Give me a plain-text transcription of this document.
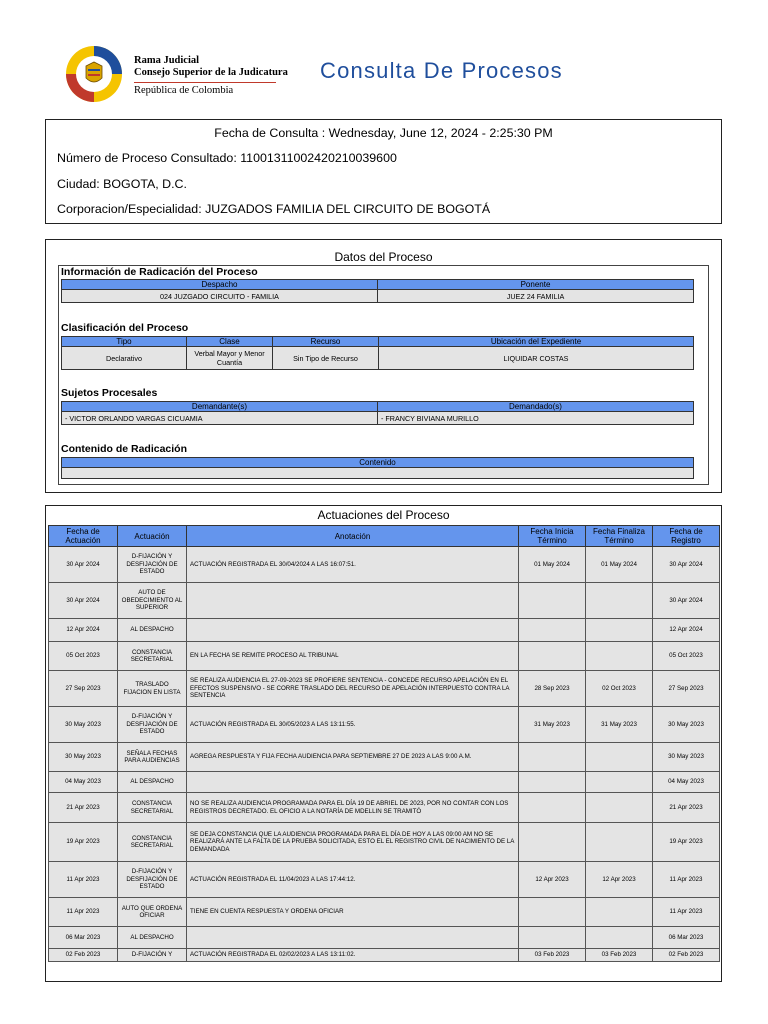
Rama Judicial
Consejo Superior de la Judicatura
República de Colombia
Consulta De Procesos
Fecha de Consulta : Wednesday, June 12, 2024 - 2:25:30 PM
Número de Proceso Consultado: 11001311002420210039600
Ciudad: BOGOTA, D.C.
Corporacion/Especialidad: JUZGADOS FAMILIA DEL CIRCUITO DE BOGOTÁ
Datos del Proceso
Información de Radicación del Proceso
Despacho	Ponente
024 JUZGADO CIRCUITO - FAMILIA	JUEZ 24 FAMILIA
Clasificación del Proceso
Tipo	Clase	Recurso	Ubicación del Expediente
Declarativo	Verbal Mayor y Menor Cuantía	Sin Tipo de Recurso	LIQUIDAR COSTAS
Sujetos Procesales
Demandante(s)	Demandado(s)
- VICTOR ORLANDO VARGAS CICUAMIA	- FRANCY BIVIANA MURILLO
Contenido de Radicación
Contenido

Actuaciones del Proceso
Fecha de Actuación	Actuación	Anotación	Fecha Inicia Término	Fecha Finaliza Término	Fecha de Registro
30 Apr 2024	D-FIJACIÓN Y DESFIJACIÓN DE ESTADO	ACTUACIÓN REGISTRADA EL 30/04/2024 A LAS 16:07:51.	01 May 2024	01 May 2024	30 Apr 2024
30 Apr 2024	AUTO DE OBEDECIMIENTO AL SUPERIOR				30 Apr 2024
12 Apr 2024	AL DESPACHO				12 Apr 2024
05 Oct 2023	CONSTANCIA SECRETARIAL	EN LA FECHA SE REMITE PROCESO AL TRIBUNAL			05 Oct 2023
27 Sep 2023	TRASLADO FIJACION EN LISTA	SE REALIZA AUDIENCIA EL 27-09-2023 SE PROFIERE SENTENCIA - CONCEDE RECURSO APELACIÓN EN EL EFECTOS SUSPENSIVO - SE CORRE TRASLADO DEL RECURSO DE APELACIÓN INTERPUESTO CONTRA LA SENTENCIA	28 Sep 2023	02 Oct 2023	27 Sep 2023
30 May 2023	D-FIJACIÓN Y DESFIJACIÓN DE ESTADO	ACTUACIÓN REGISTRADA EL 30/05/2023 A LAS 13:11:55.	31 May 2023	31 May 2023	30 May 2023
30 May 2023	SEÑALA FECHAS PARA AUDIENCIAS	AGREGA RESPUESTA Y FIJA FECHA AUDIENCIA PARA SEPTIEMBRE 27 DE 2023 A LAS 9:00 A.M.			30 May 2023
04 May 2023	AL DESPACHO				04 May 2023
21 Apr 2023	CONSTANCIA SECRETARIAL	NO SE REALIZA AUDIENCIA PROGRAMADA PARA EL DÍA 19 DE ABRIEL DE 2023, POR NO CONTAR CON LOS REGISTROS DECRETADO. EL OFICIO A LA NOTARÍA DE MDELLIN SE TRAMITÓ			21 Apr 2023
19 Apr 2023	CONSTANCIA SECRETARIAL	SE DEJA CONSTANCIA QUE LA AUDIENCIA PROGRAMADA PARA EL DÍA DE HOY A LAS 09:00 AM NO SE REALIZARÁ ANTE LA FALTA DE LA PRUEBA SOLICITADA, ESTO EL EL REGISTRO CIVIL DE NACIMIENTO DE LA DEMANDADA			19 Apr 2023
11 Apr 2023	D-FIJACIÓN Y DESFIJACIÓN DE ESTADO	ACTUACIÓN REGISTRADA EL 11/04/2023 A LAS 17:44:12.	12 Apr 2023	12 Apr 2023	11 Apr 2023
11 Apr 2023	AUTO QUE ORDENA OFICIAR	TIENE EN CUENTA RESPUESTA Y ORDENA OFICIAR			11 Apr 2023
06 Mar 2023	AL DESPACHO				06 Mar 2023
02 Feb 2023	D-FIJACIÓN Y	ACTUACIÓN REGISTRADA EL 02/02/2023 A LAS 13:11:02.	03 Feb 2023	03 Feb 2023	02 Feb 2023
